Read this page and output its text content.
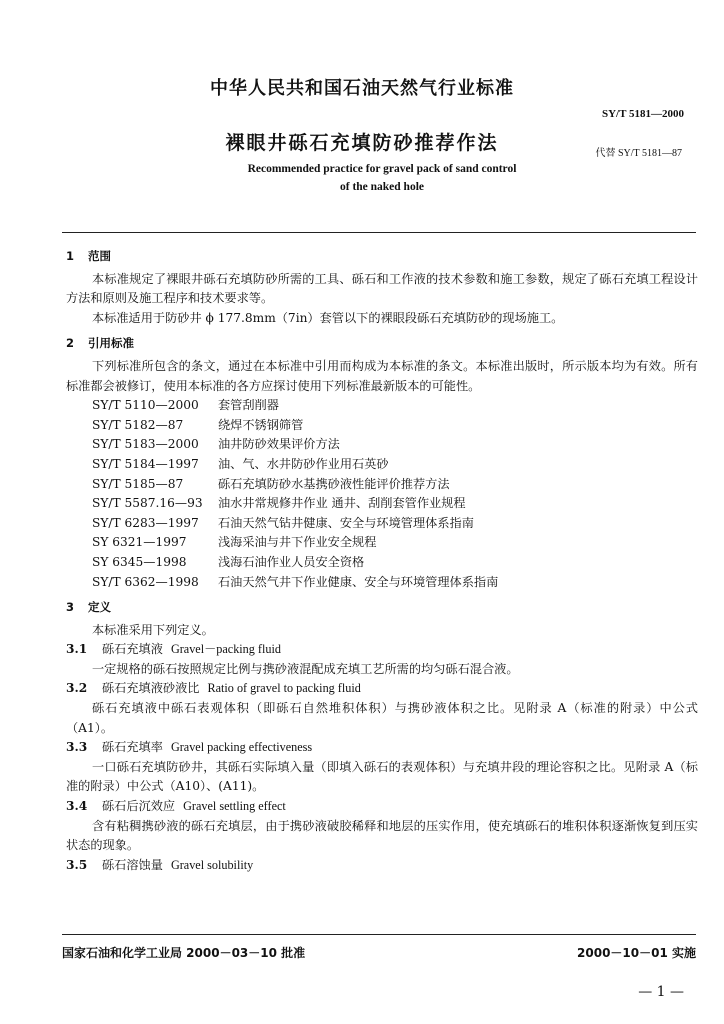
中华人民共和国石油天然气行业标准
SY/T 5181—2000
裸眼井砾石充填防砂推荐作法	代替 SY/T 5181—87
Recommended practice for gravel pack of sand control
of the naked hole
1 范围
本标准规定了裸眼井砾石充填防砂所需的工具、砾石和工作液的技术参数和施工参数，规定了砾石充填工程设计方法和原则及施工程序和技术要求等。
本标准适用于防砂井 ϕ 177.8mm（7in）套管以下的裸眼段砾石充填防砂的现场施工。
2 引用标准
下列标准所包含的条文，通过在本标准中引用而构成为本标准的条文。本标准出版时，所示版本均为有效。所有标准都会被修订，使用本标准的各方应探讨使用下列标准最新版本的可能性。
SY/T 5110—2000 套管刮削器
SY/T 5182—87	绕焊不锈钢筛管
SY/T 5183—2000 油井防砂效果评价方法
SY/T 5184—1997 油、气、水井防砂作业用石英砂
SY/T 5185—87	砾石充填防砂水基携砂液性能评价推荐方法
SY/T 5587.16—93 油水井常规修井作业 通井、刮削套管作业规程
SY/T 6283—1997 石油天然气钻井健康、安全与环境管理体系指南
SY 6321—1997	浅海采油与井下作业安全规程
SY 6345—1998	浅海石油作业人员安全资格
SY/T 6362—1998 石油天然气井下作业健康、安全与环境管理体系指南
3 定义
本标准采用下列定义。
3.1 砾石充填液 Gravel－packing fluid
一定规格的砾石按照规定比例与携砂液混配成充填工艺所需的均匀砾石混合液。
3.2 砾石充填液砂液比 Ratio of gravel to packing fluid
砾石充填液中砾石表观体积（即砾石自然堆积体积）与携砂液体积之比。见附录 A（标准的附录）中公式（A1）。
3.3 砾石充填率 Gravel packing effectiveness
一口砾石充填防砂井，其砾石实际填入量（即填入砾石的表观体积）与充填井段的理论容积之比。见附录 A（标准的附录）中公式（A10）、(A11)。
3.4 砾石后沉效应 Gravel settling effect
含有粘稠携砂液的砾石充填层，由于携砂液破胶稀释和地层的压实作用，使充填砾石的堆积体积逐渐恢复到压实状态的现象。
3.5 砾石溶蚀量 Gravel solubility
国家石油和化学工业局 2000－03－10 批准	2000－10－01 实施
— 1 —
